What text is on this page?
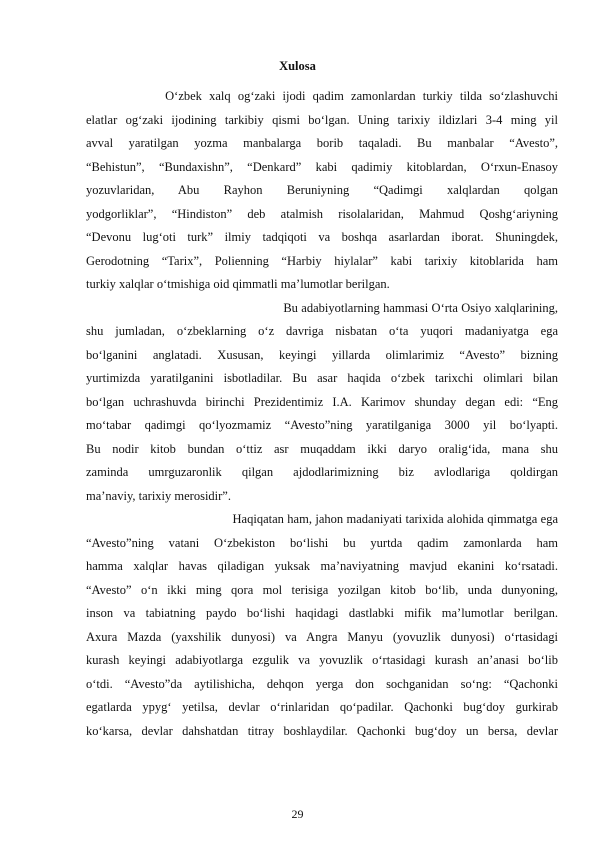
Xulosa
O‘zbek xalq og‘zaki ijodi qadim zamonlardan turkiy tilda so‘zlashuvchi
elatlar og‘zaki ijodining tarkibiy qismi bo‘lgan. Uning tarixiy ildizlari 3-4 ming yil
avval yaratilgan yozma manbalarga borib taqaladi. Bu manbalar “Avesto”,
“Behistun”, “Bundaxishn”, “Denkard” kabi qadimiy kitoblardan, O‘rxun-Enasoy
yozuvlaridan, Abu Rayhon Beruniyning “Qadimgi xalqlardan qolgan
yodgorliklar”, “Hindiston” deb atalmish risolalaridan, Mahmud Qoshg‘ariyning
“Devonu lug‘oti turk” ilmiy tadqiqoti va boshqa asarlardan iborat. Shuningdek,
Gerodotning “Tarix”, Polienning “Harbiy hiylalar” kabi tarixiy kitoblarida ham
turkiy xalqlar o‘tmishiga oid qimmatli ma’lumotlar berilgan.
Bu adabiyotlarning hammasi O‘rta Osiyo xalqlarining,
shu jumladan, o‘zbeklarning o‘z davriga nisbatan o‘ta yuqori madaniyatga ega
bo‘lganini anglatadi. Xususan, keyingi yillarda olimlarimiz “Avesto” bizning
yurtimizda yaratilganini isbotladilar. Bu asar haqida o‘zbek tarixchi olimlari bilan
bo‘lgan uchrashuvda birinchi Prezidentimiz I.A. Karimov shunday degan edi: “Eng
mo‘tabar qadimgi qo‘lyozmamiz “Avesto”ning yaratilganiga 3000 yil bo‘lyapti.
Bu nodir kitob bundan o‘ttiz asr muqaddam ikki daryo oralig‘ida, mana shu
zaminda umrguzaronlik qilgan ajdodlarimizning biz avlodlariga qoldirgan
ma’naviy, tarixiy merosidir”.
Haqiqatan ham, jahon madaniyati tarixida alohida qimmatga ega
“Avesto”ning vatani O‘zbekiston bo‘lishi bu yurtda qadim zamonlarda ham
hamma xalqlar havas qiladigan yuksak ma’naviyatning mavjud ekanini ko‘rsatadi.
“Avesto” o‘n ikki ming qora mol terisiga yozilgan kitob bo‘lib, unda dunyoning,
inson va tabiatning paydo bo‘lishi haqidagi dastlabki mifik ma’lumotlar berilgan.
Axura Mazda (yaxshilik dunyosi) va Angra Manyu (yovuzlik dunyosi) o‘rtasidagi
kurash keyingi adabiyotlarga ezgulik va yovuzlik o‘rtasidagi kurash an’anasi bo‘lib
o‘tdi. “Avesto”da aytilishicha, dehqon yerga don sochganidan so‘ng: “Qachonki
egatlarda ypyg‘ yetilsa, devlar o‘rinlaridan qo‘padilar. Qachonki bug‘doy gurkirab
ko‘karsa, devlar dahshatdan titray boshlaydilar. Qachonki bug‘doy un bersa, devlar
29
